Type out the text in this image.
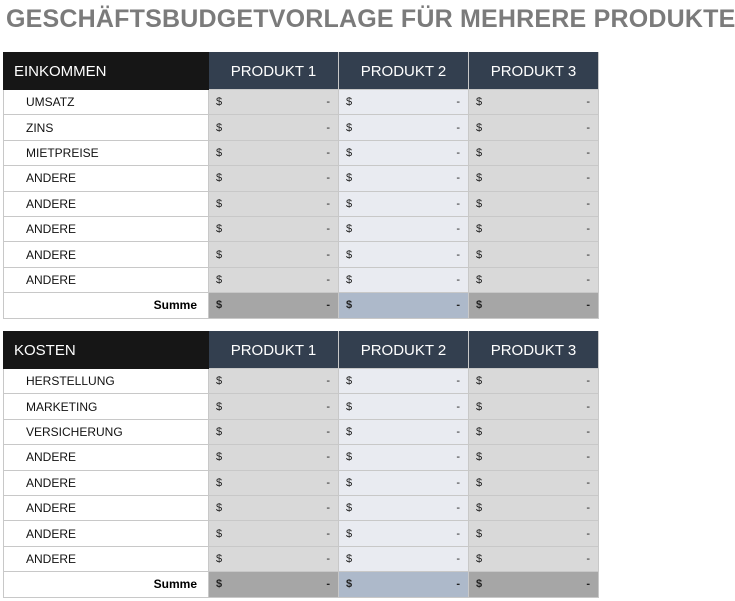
GESCHÄFTSBUDGETVORLAGE FÜR MEHRERE PRODUKTE
EINKOMMEN	PRODUKT 1	PRODUKT 2	PRODUKT 3
UMSATZ	$ -	$ -	$ -

ZINS	$ -	$ -	$ -

MIETPREISE	$ -	$ -	$ -

ANDERE	$ -	$ -	$ -

ANDERE	$ -	$ -	$ -

ANDERE	$ -	$ -	$ -

ANDERE	$ -	$ -	$ -

ANDERE	$ -	$ -	$ -

Summe	$ -	$ -	$ -
KOSTEN	PRODUKT 1	PRODUKT 2	PRODUKT 3
HERSTELLUNG	$ -	$ -	$ -

MARKETING	$ -	$ -	$ -

VERSICHERUNG	$ -	$ -	$ -

ANDERE	$ -	$ -	$ -

ANDERE	$ -	$ -	$ -

ANDERE	$ -	$ -	$ -

ANDERE	$ -	$ -	$ -

ANDERE	$ -	$ -	$ -

Summe	$ -	$ -	$ -
